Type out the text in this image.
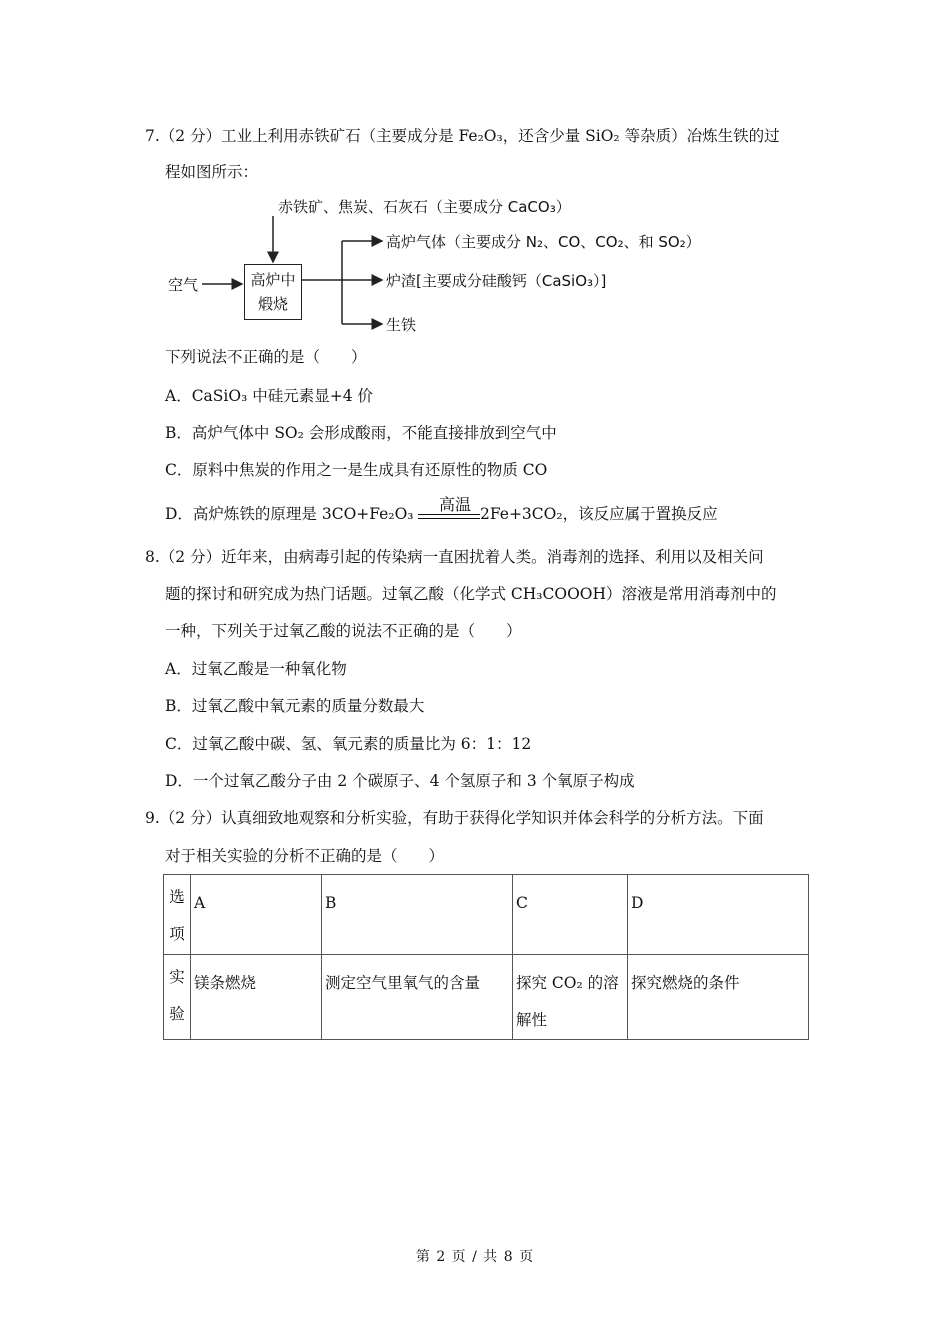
7.（2 分）工业上利用赤铁矿石（主要成分是 Fe₂O₃，还含少量 SiO₂ 等杂质）冶炼生铁的过
程如图所示：
赤铁矿、焦炭、石灰石（主要成分 CaCO₃）
空气	高炉中
煅烧
高炉气体（主要成分 N₂、CO、CO₂、和 SO₂）
炉渣[主要成分硅酸钙（CaSiO₃）]
生铁
下列说法不正确的是（　　）
A．CaSiO₃ 中硅元素显+4 价
B．高炉气体中 SO₂ 会形成酸雨，不能直接排放到空气中
C．原料中焦炭的作用之一是生成具有还原性的物质 CO
D．高炉炼铁的原理是 3CO+Fe₂O₃	高温 2Fe+3CO₂，该反应属于置换反应
8.（2 分）近年来，由病毒引起的传染病一直困扰着人类。消毒剂的选择、利用以及相关问
题的探讨和研究成为热门话题。过氧乙酸（化学式 CH₃COOOH）溶液是常用消毒剂中的
一种，下列关于过氧乙酸的说法不正确的是（　　）
A．过氧乙酸是一种氧化物
B．过氧乙酸中氧元素的质量分数最大
C．过氧乙酸中碳、氢、氧元素的质量比为 6：1：12
D．一个过氧乙酸分子由 2 个碳原子、4 个氢原子和 3 个氧原子构成
9.（2 分）认真细致地观察和分析实验，有助于获得化学知识并体会科学的分析方法。下面
对于相关实验的分析不正确的是（　　）
选
项	A	B	C	D

实
验	镁条燃烧	测定空气里氧气的含量	探究 CO₂ 的溶解性	探究燃烧的条件
第 2 页 / 共 8 页
